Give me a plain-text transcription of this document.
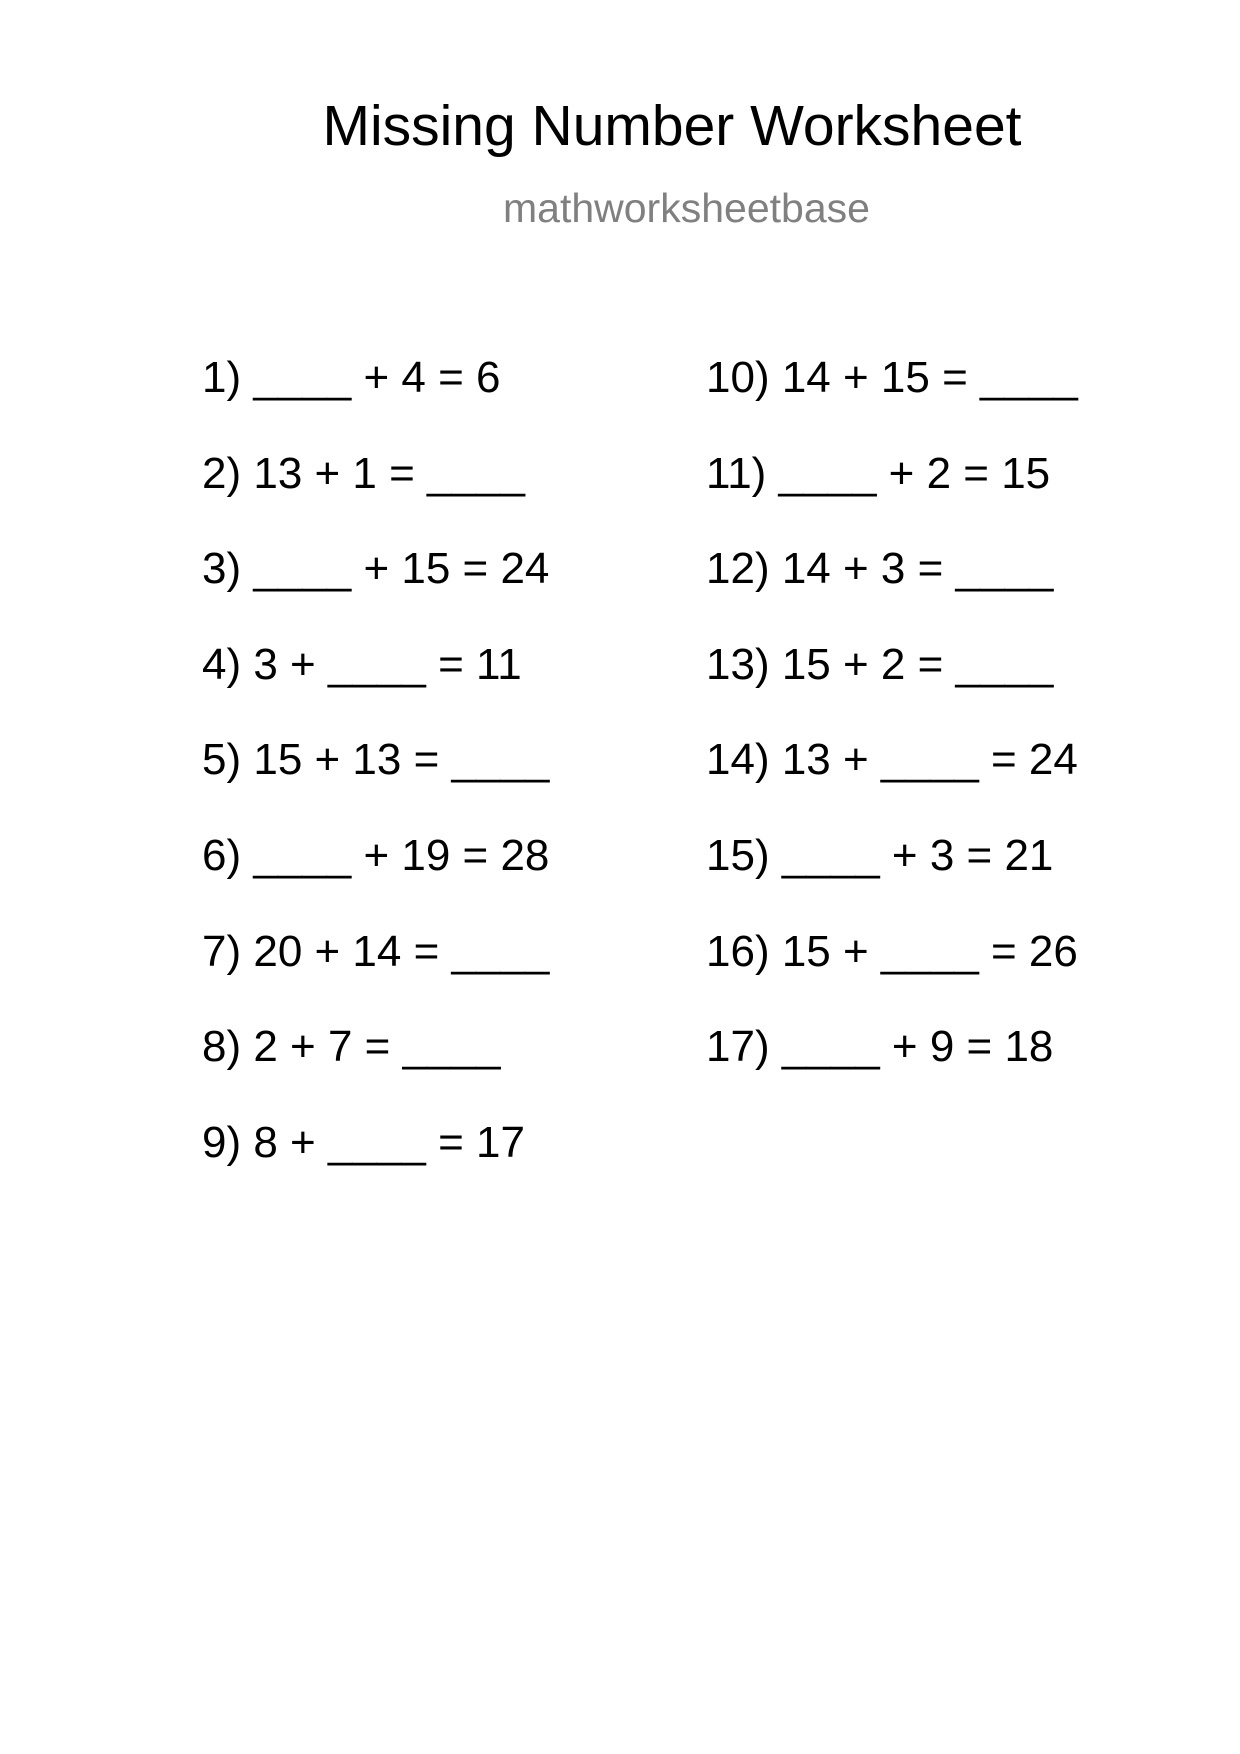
Missing Number Worksheet
mathworksheetbase
1) ____ + 4 = 6
2) 13 + 1 = ____
3) ____ + 15 = 24
4) 3 + ____ = 11
5) 15 + 13 = ____
6) ____ + 19 = 28
7) 20 + 14 = ____
8) 2 + 7 = ____
9) 8 + ____ = 17
10) 14 + 15 = ____
11) ____ + 2 = 15
12) 14 + 3 = ____
13) 15 + 2 = ____
14) 13 + ____ = 24
15) ____ + 3 = 21
16) 15 + ____ = 26
17) ____ + 9 = 18
